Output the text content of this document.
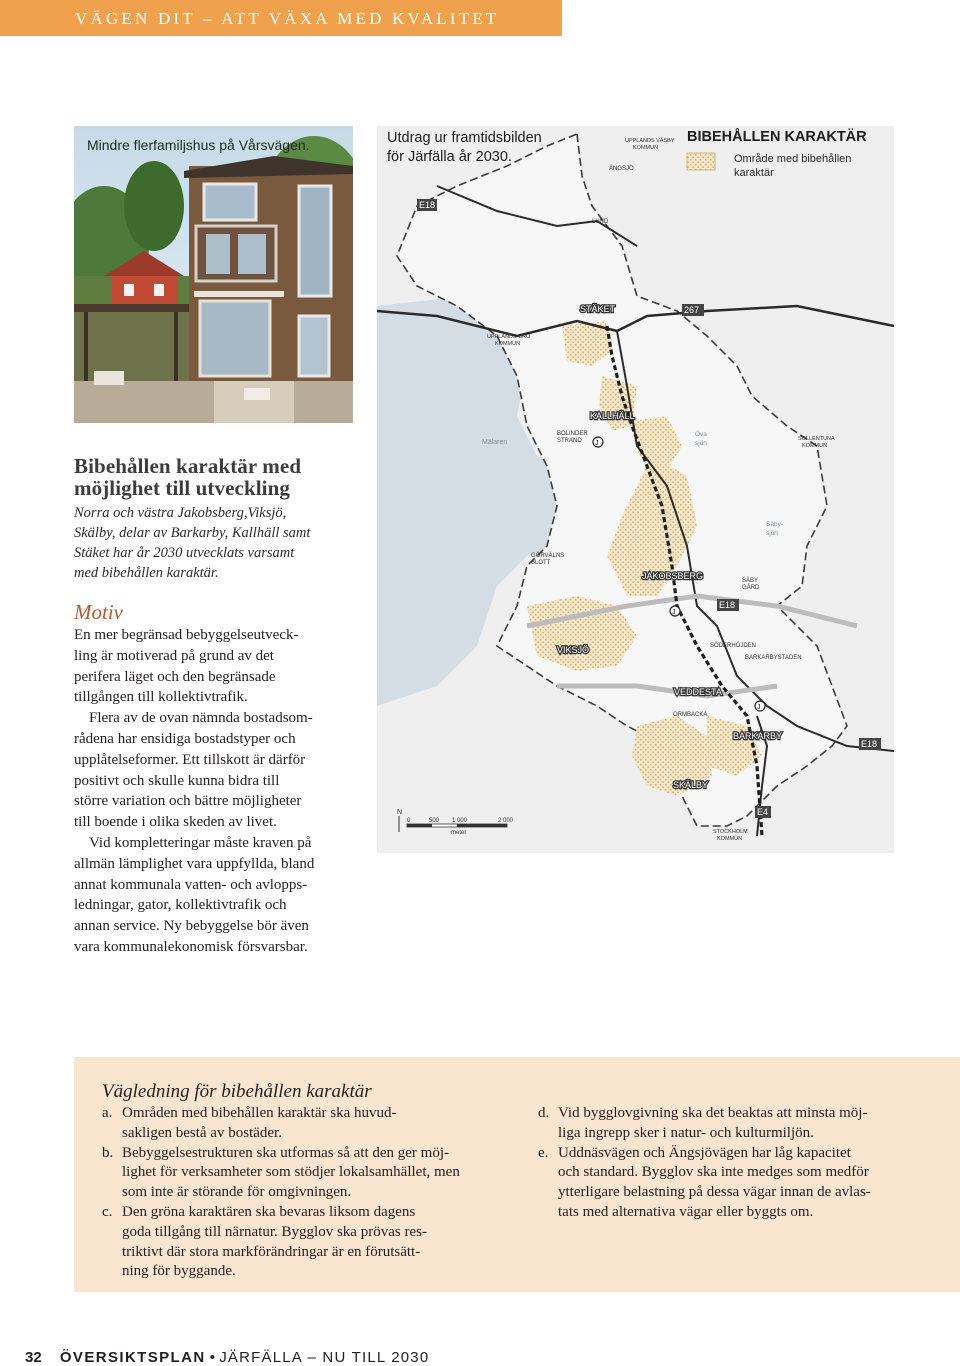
VÄGEN DIT – ATT VÄXA MED KVALITET
Mindre flerfamiljshus på Vårsvägen.
Bibehållen karaktär med
möjlighet till utveckling
Norra och västra Jakobsberg,Viksjö,
Skälby, delar av Barkarby, Kallhäll samt
Stäket har år 2030 utvecklats varsamt
med bibehållen karaktär.
Motiv

En mer begränsad bebyggelseutveck-
ling är motiverad på grund av det
perifera läget och den begränsade
tillgången till kollektivtrafik.

Flera av de ovan nämnda bostadsom-
rådena har ensidiga bostadstyper och
upplåtelseformer. Ett tillskott är därför
positivt och skulle kunna bidra till
större variation och bättre möjligheter
till boende i olika skeden av livet.

Vid kompletteringar måste kraven på
allmän lämplighet vara uppfyllda, bland
annat kommunala vatten- och avlopps-
ledningar, gator, kollektivtrafik och
annan service. Ny bebyggelse bör även
vara kommunalekonomisk försvarsbar.

J
J
J
E18
267
E18
E18
E4
Utdrag ur framtidsbilden
för Järfälla år 2030.
BIBEHÅLLEN KARAKTÄR
Område med bibehållen
karaktär
UPPLANDS VÄSBY
KOMMUN
ÄNGSJÖ
LUND
STÄKET
UPPLANDS-BRO
KOMMUN
KALLHÄLL
BOLINDER
STRAND
Mälaren
Öva
sjön
SOLLENTUNA
KOMMUN
Säby-
sjön
GÖRVÄLNS
SLOTT
JAKOBSBERG	SÄBY
GÅRD
VIKSJÖ	SÖDERHÖJDEN
BARKARBYSTADEN
VEDDESTA
ORMBACKA
BARKARBY
SKÄLBY
STOCKHOLM
KOMMUN
N
0	500 1 000	2 000
meter
Vägledning för bibehållen karaktär
a. Områden med bibehållen karaktär ska huvud-
sakligen bestå av bostäder.
b. Bebyggelsestrukturen ska utformas så att den ger möj-
lighet för verksamheter som stödjer lokalsamhället, men
som inte är störande för omgivningen.
c. Den gröna karaktären ska bevaras liksom dagens
goda tillgång till närnatur. Bygglov ska prövas res-
triktivt där stora markförändringar är en förutsätt-
ning för byggande.
d. Vid bygglovgivning ska det beaktas att minsta möj-
liga ingrepp sker i natur- och kulturmiljön.
e. Uddnäsvägen och Ängsjövägen har låg kapacitet
och standard. Bygglov ska inte medges som medför
ytterligare belastning på dessa vägar innan de avlas-
tats med alternativa vägar eller byggts om.
32 ÖVERSIKTSPLAN • JÄRFÄLLA – NU TILL 2030
